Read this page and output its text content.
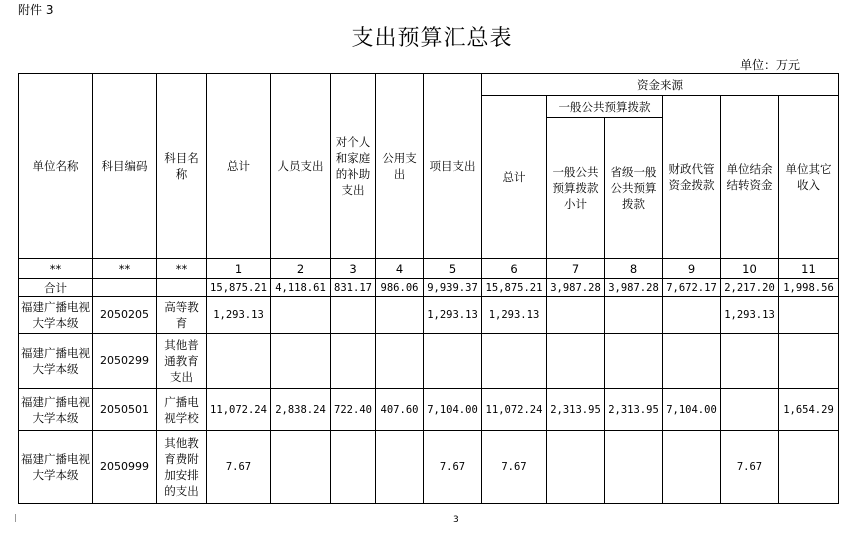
附件 3
支出预算汇总表
单位：万元
单位名称	科目编码	科目名称	总计	人员支出	对个人和家庭的补助支出	公用支出	项目支出	资金来源					
								总计	一般公共预算拨款		财政代管资金拨款	单位结余结转资金	单位其它收入
									一般公共预算拨款小计	省级一般公共预算拨款			
**	**	**	1	2	3	4	5	6	7	8	9	10	11
合计			15,875.21	4,118.61	831.17	986.06	9,939.37	15,875.21	3,987.28	3,987.28	7,672.17	2,217.20	1,998.56
福建广播电视大学本级	2050205	高等教育	1,293.13				1,293.13	1,293.13				1,293.13	
福建广播电视大学本级	2050299	其他普通教育支出											
福建广播电视大学本级	2050501	广播电视学校	11,072.24	2,838.24	722.40	407.60	7,104.00	11,072.24	2,313.95	2,313.95	7,104.00		1,654.29
福建广播电视大学本级	2050999	其他教育费附加安排的支出	7.67				7.67	7.67				7.67	
3
